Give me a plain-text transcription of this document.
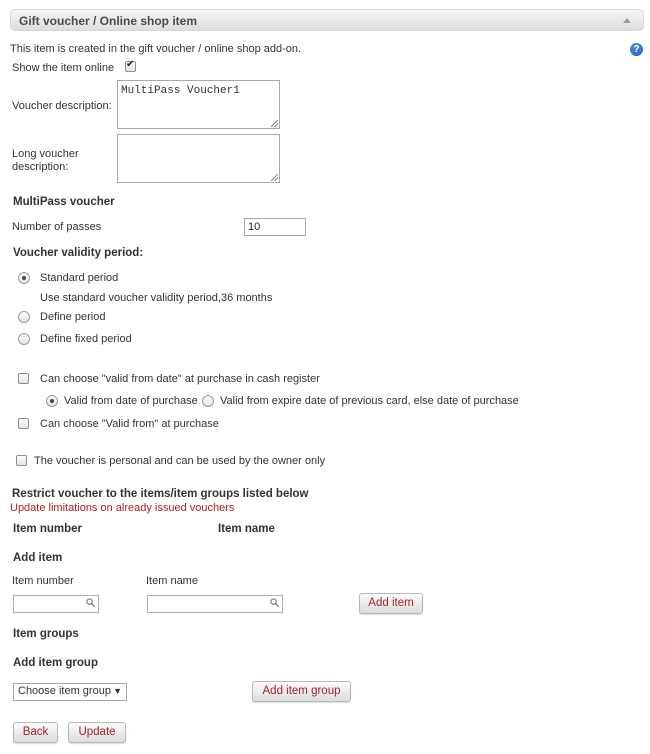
Gift voucher / Online shop item
This item is created in the gift voucher / online shop add-on.	?
Show the item online
✔
Voucher description:
MultiPass Voucher1
Long voucher
description:
MultiPass voucher
Number of passes	10
Voucher validity period:
Standard period
Use standard voucher validity period,36 months
Define period
Define fixed period
Can choose "valid from date" at purchase in cash register
Valid from date of purchase Valid from expire date of previous card, else date of purchase
Can choose "Valid from" at purchase
The voucher is personal and can be used by the owner only
Restrict voucher to the items/item groups listed below
Update limitations on already issued vouchers
Item number	Item name
Add item
Item number	Item name
Add item
Item groups
Add item group
Choose item group ▼	Add item group
Back	Update
